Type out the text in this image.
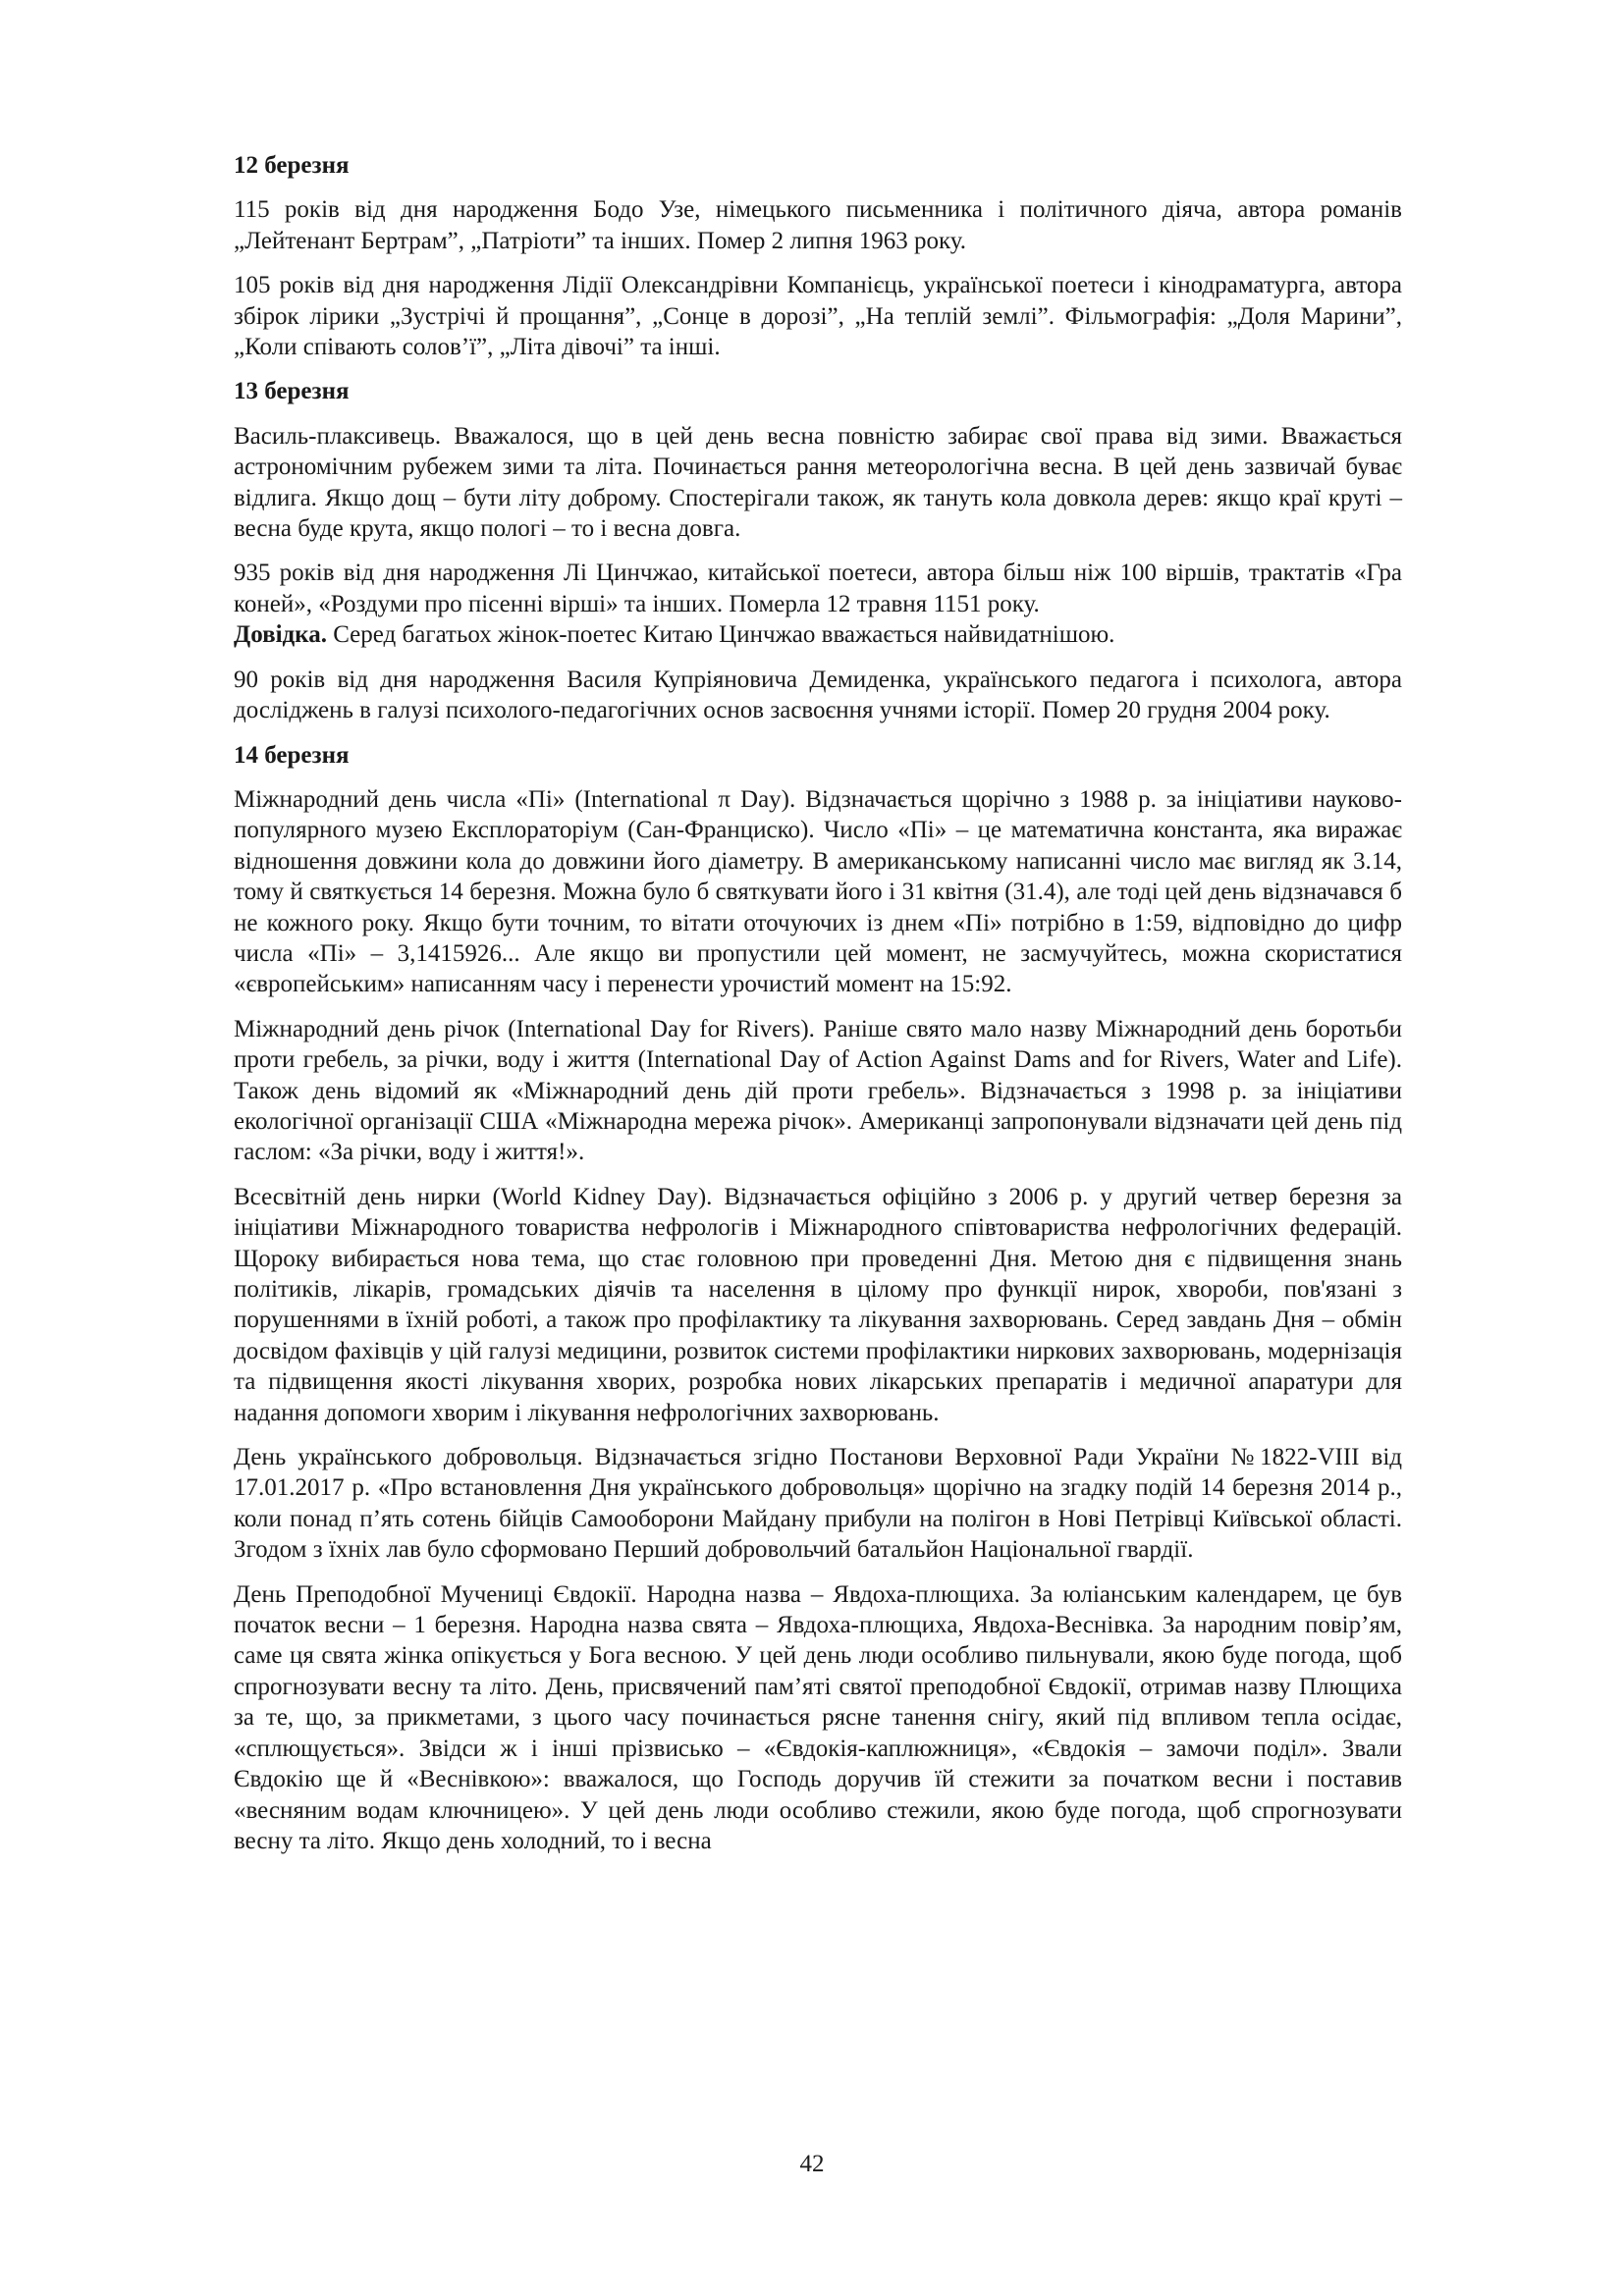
12 березня

115 років від дня народження Бодо Узе, німецького письменника і політичного діяча, автора романів „Лейтенант Бертрам”, „Патріоти” та інших. Помер 2 липня 1963 року.

105 років від дня народження Лідії Олександрівни Компанієць, української поетеси і кінодраматурга, автора збірок лірики „Зустрічі й прощання”, „Сонце в дорозі”, „На теплій землі”. Фільмографія: „Доля Марини”, „Коли співають солов’ї”, „Літа дівочі” та інші.

13 березня

Василь-плаксивець. Вважалося, що в цей день весна повністю забирає свої права від зими. Вважається астрономічним рубежем зими та літа. Починається рання метеорологічна весна. В цей день зазвичай буває відлига. Якщо дощ – бути літу доброму. Спостерігали також, як тануть кола довкола дерев: якщо краї круті – весна буде крута, якщо пологі – то і весна довга.

935 років від дня народження Лі Цинчжао, китайської поетеси, автора більш ніж 100 віршів, трактатів «Гра коней», «Роздуми про пісенні вірші» та інших. Померла 12 травня 1151 року.
Довідка. Серед багатьох жінок-поетес Китаю Цинчжао вважається найвидатнішою.

90 років від дня народження Василя Купріяновича Демиденка, українського педагога і психолога, автора досліджень в галузі психолого-педагогічних основ засвоєння учнями історії. Помер 20 грудня 2004 року.

14 березня

Міжнародний день числа «Пі» (International π Day). Відзначається щорічно з 1988 р. за ініціативи науково-популярного музею Експлораторіум (Сан-Франциско). Число «Пі» – це математична константа, яка виражає відношення довжини кола до довжини його діаметру. В американському написанні число має вигляд як 3.14, тому й святкується 14 березня. Можна було б святкувати його і 31 квітня (31.4), але тоді цей день відзначався б не кожного року. Якщо бути точним, то вітати оточуючих із днем «Пі» потрібно в 1:59, відповідно до цифр числа «Пі» – 3,1415926... Але якщо ви пропустили цей момент, не засмучуйтесь, можна скористатися «європейським» написанням часу і перенести урочистий момент на 15:92.

Міжнародний день річок (International Day for Rivers). Раніше свято мало назву Міжнародний день боротьби проти гребель, за річки, воду і життя (International Day of Action Against Dams and for Rivers, Water and Life). Також день відомий як «Міжнародний день дій проти гребель». Відзначається з 1998 р. за ініціативи екологічної організації США «Міжнародна мережа річок». Американці запропонували відзначати цей день під гаслом: «За річки, воду і життя!».

Всесвітній день нирки (World Kidney Day). Відзначається офіційно з 2006 р. у другий четвер березня за ініціативи Міжнародного товариства нефрологів і Міжнародного співтовариства нефрологічних федерацій. Щороку вибирається нова тема, що стає головною при проведенні Дня. Метою дня є підвищення знань політиків, лікарів, громадських діячів та населення в цілому про функції нирок, хвороби, пов'язані з порушеннями в їхній роботі, а також про профілактику та лікування захворювань. Серед завдань Дня – обмін досвідом фахівців у цій галузі медицини, розвиток системи профілактики ниркових захворювань, модернізація та підвищення якості лікування хворих, розробка нових лікарських препаратів і медичної апаратури для надання допомоги хворим і лікування нефрологічних захворювань.

День українського добровольця. Відзначається згідно Постанови Верховної Ради України №1822-VIII від 17.01.2017 р. «Про встановлення Дня українського добровольця» щорічно на згадку подій 14 березня 2014 р., коли понад п’ять сотень бійців Самооборони Майдану прибули на полігон в Нові Петрівці Київської області. Згодом з їхніх лав було сформовано Перший добровольчий батальйон Національної гвардії.

День Преподобної Мучениці Євдокії. Народна назва – Явдоха-плющиха. За юліанським календарем, це був початок весни – 1 березня. Народна назва свята – Явдоха-плющиха, Явдоха-Веснівка. За народним повір’ям, саме ця свята жінка опікується у Бога весною. У цей день люди особливо пильнували, якою буде погода, щоб спрогнозувати весну та літо. День, присвячений пам’яті святої преподобної Євдокії, отримав назву Плющиха за те, що, за прикметами, з цього часу починається рясне танення снігу, який під впливом тепла осідає, «сплющується». Звідси ж і інші прізвисько – «Євдокія-каплюжниця», «Євдокія – замочи поділ». Звали Євдокію ще й «Веснівкою»: вважалося, що Господь доручив їй стежити за початком весни і поставив «весняним водам ключницею». У цей день люди особливо стежили, якою буде погода, щоб спрогнозувати весну та літо. Якщо день холодний, то і весна

42
